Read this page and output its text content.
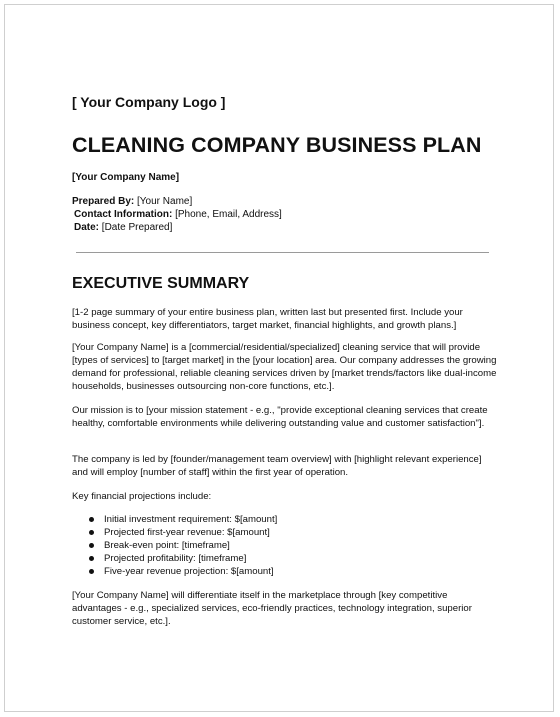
[ Your Company Logo ]
CLEANING COMPANY BUSINESS PLAN
[Your Company Name]
Prepared By: [Your Name]
Contact Information: [Phone, Email, Address]
Date: [Date Prepared]
EXECUTIVE SUMMARY

[1-2 page summary of your entire business plan, written last but presented first. Include your business concept, key differentiators, target market, financial highlights, and growth plans.]

[Your Company Name] is a [commercial/residential/specialized] cleaning service that will provide [types of services] to [target market] in the [your location] area. Our company addresses the growing demand for professional, reliable cleaning services driven by [market trends/factors like dual-income households, businesses outsourcing non-core functions, etc.].

Our mission is to [your mission statement - e.g., "provide exceptional cleaning services that create healthy, comfortable environments while delivering outstanding value and customer satisfaction"].

The company is led by [founder/management team overview] with [highlight relevant experience] and will employ [number of staff] within the first year of operation.

Key financial projections include:

Initial investment requirement: $[amount]
Projected first-year revenue: $[amount]
Break-even point: [timeframe]
Projected profitability: [timeframe]
Five-year revenue projection: $[amount]

[Your Company Name] will differentiate itself in the marketplace through [key competitive advantages - e.g., specialized services, eco-friendly practices, technology integration, superior customer service, etc.].
